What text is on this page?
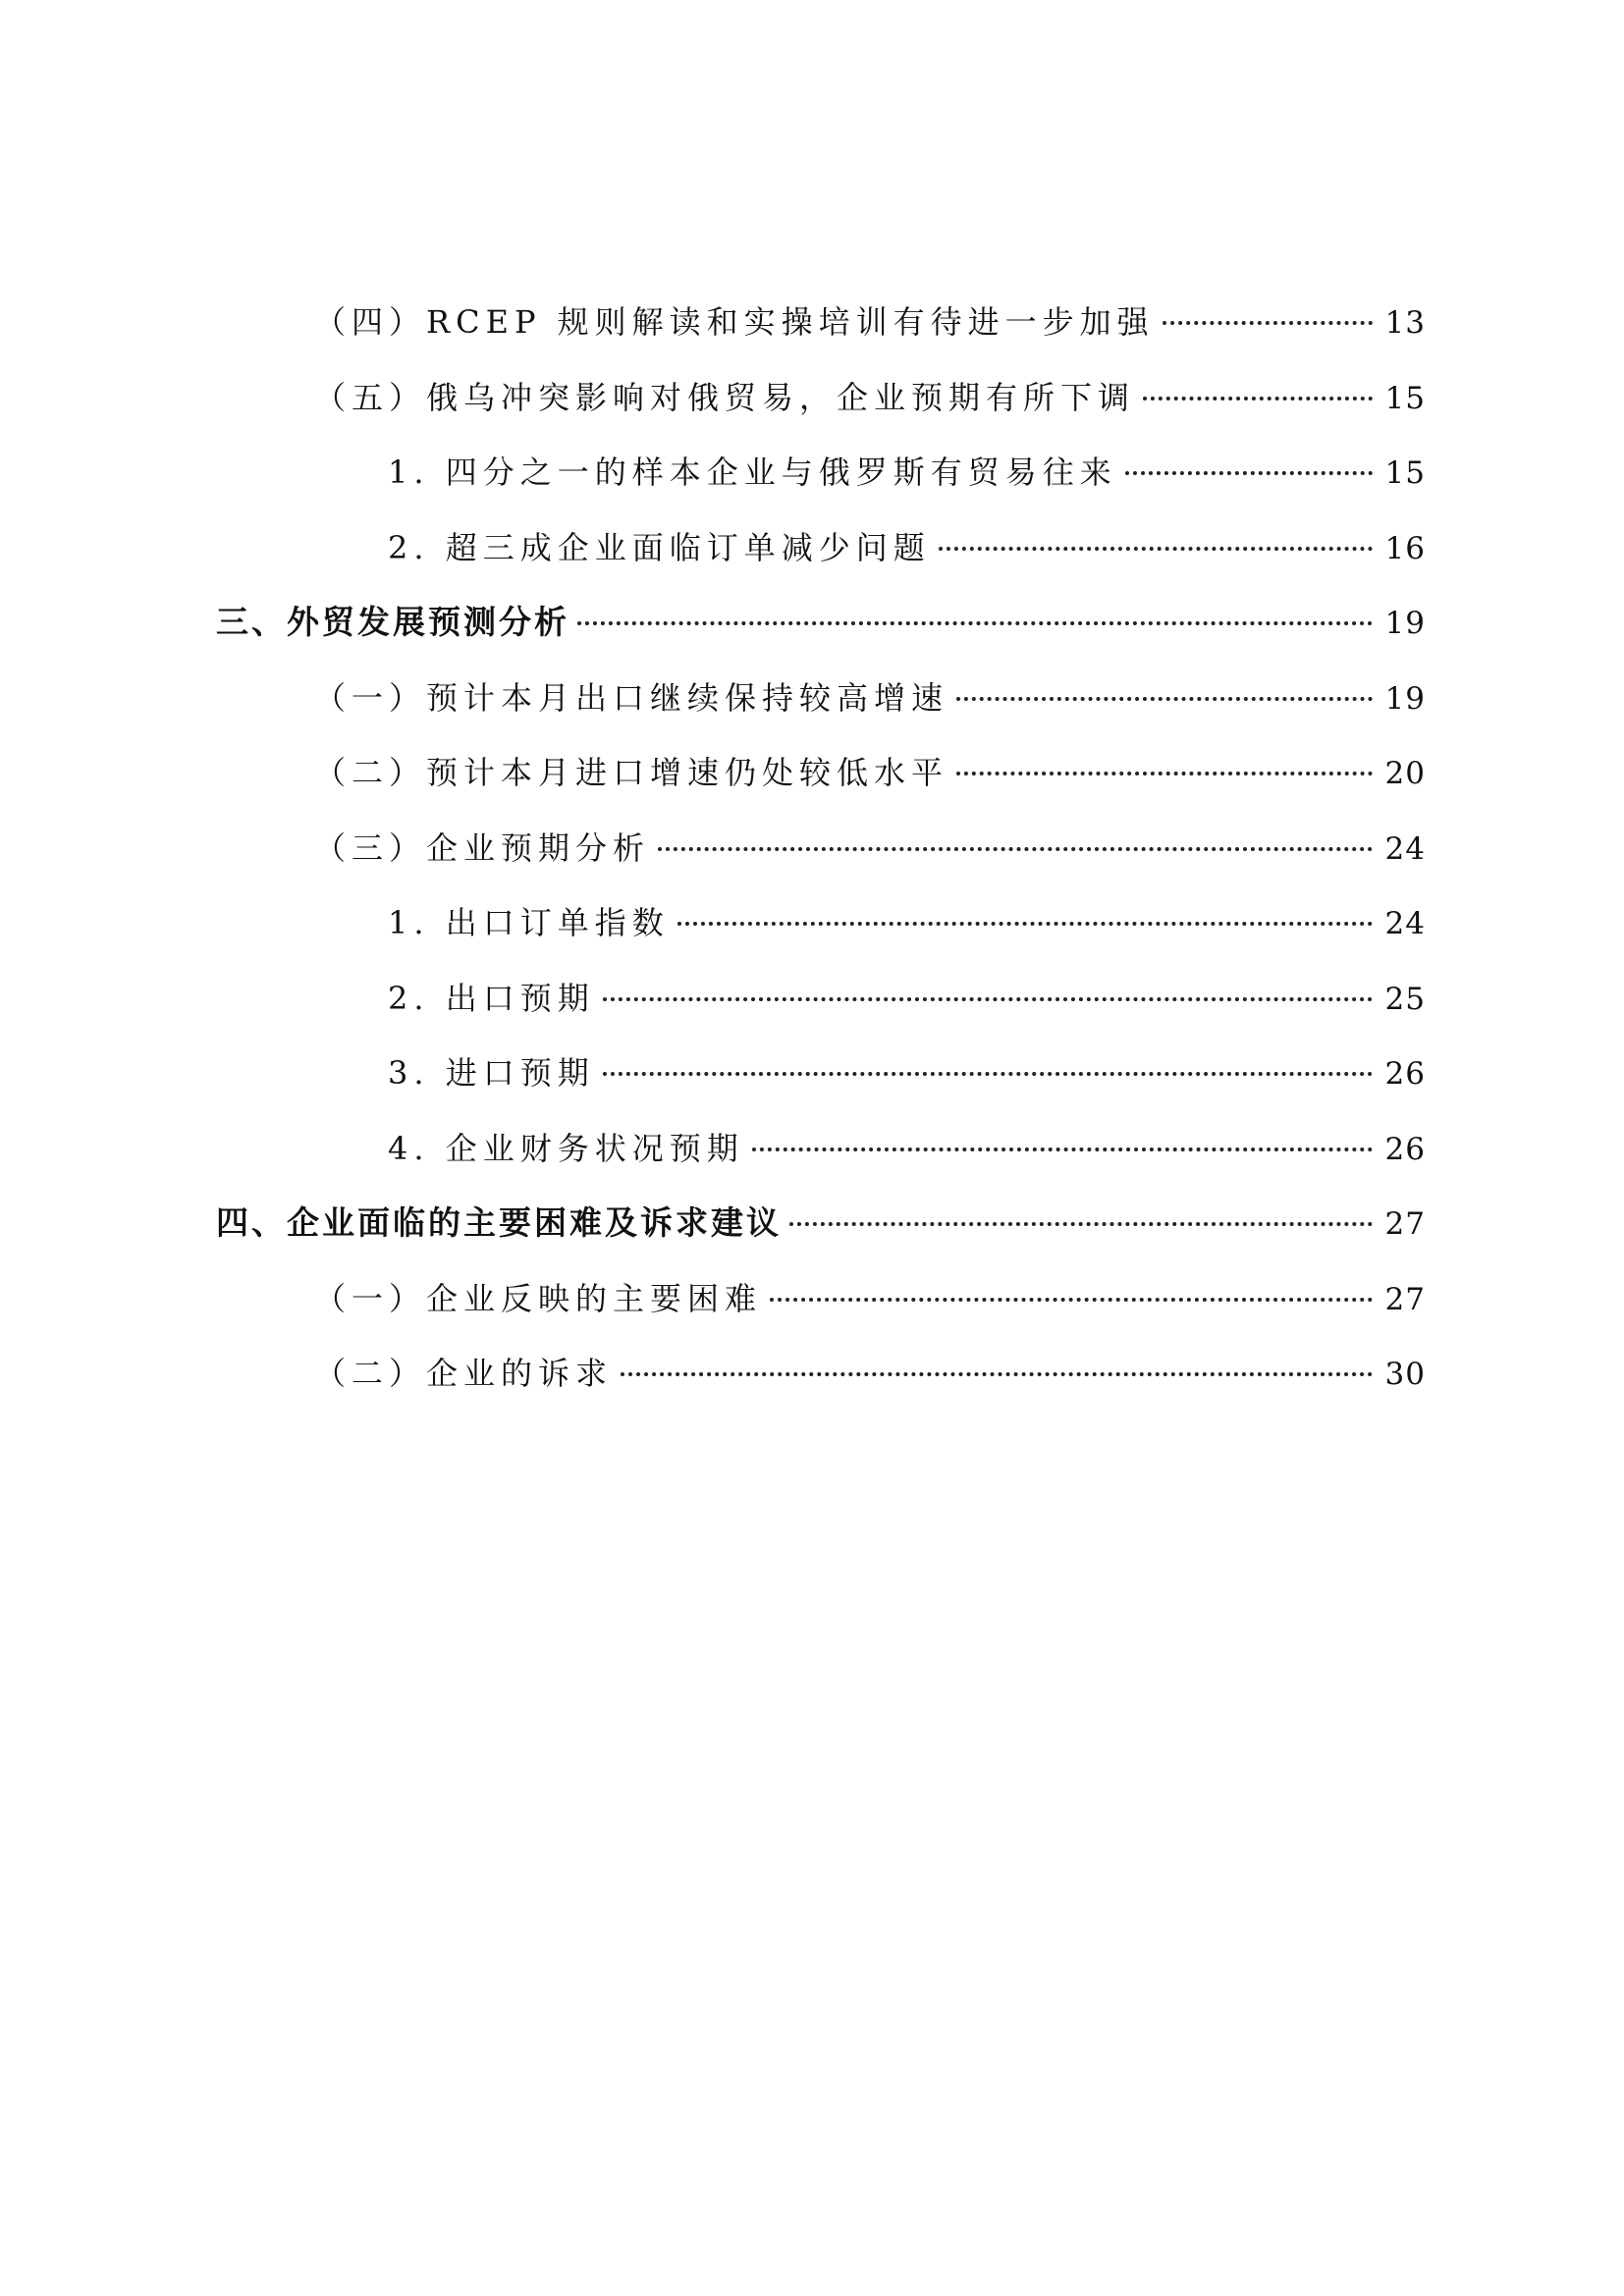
（四）RCEP 规则解读和实操培训有待进一步加强	13
（五）俄乌冲突影响对俄贸易，企业预期有所下调	15
1. 四分之一的样本企业与俄罗斯有贸易往来	15
2. 超三成企业面临订单减少问题	16
三、外贸发展预测分析	19
（一）预计本月出口继续保持较高增速	19
（二）预计本月进口增速仍处较低水平	20
（三）企业预期分析	24
1. 出口订单指数	24
2. 出口预期	25
3. 进口预期	26
4. 企业财务状况预期	26
四、企业面临的主要困难及诉求建议	27
（一）企业反映的主要困难	27
（二）企业的诉求	30
